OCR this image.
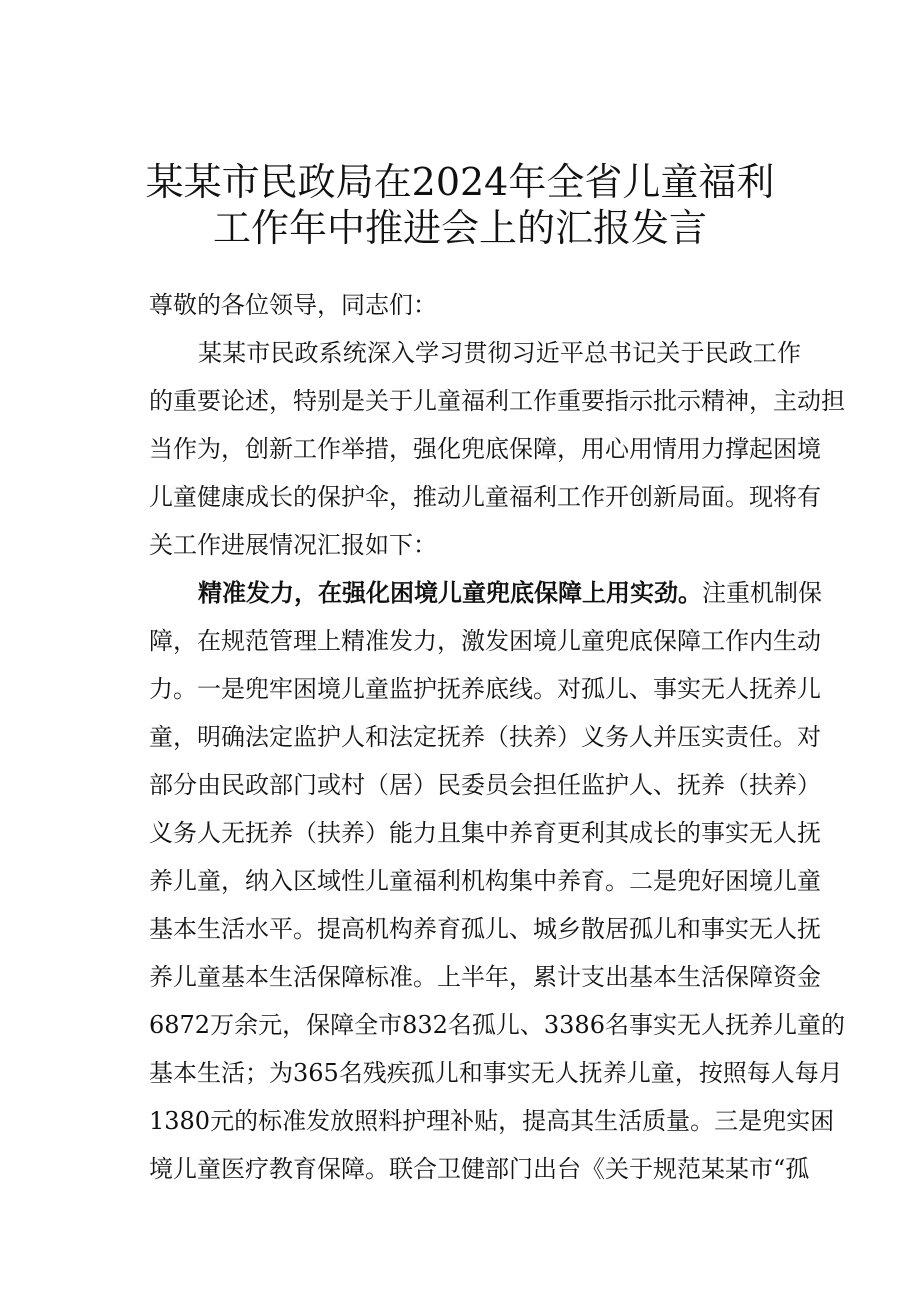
某某市民政局在2024年全省儿童福利
工作年中推进会上的汇报发言

尊敬的各位领导，同志们：

某某市民政系统深入学习贯彻习近平总书记关于民政工作

的重要论述，特别是关于儿童福利工作重要指示批示精神，主动担

当作为，创新工作举措，强化兜底保障，用心用情用力撑起困境

儿童健康成长的保护伞，推动儿童福利工作开创新局面。现将有

关工作进展情况汇报如下：

精准发力，在强化困境儿童兜底保障上用实劲。注重机制保

障，在规范管理上精准发力，激发困境儿童兜底保障工作内生动

力。一是兜牢困境儿童监护抚养底线。对孤儿、事实无人抚养儿

童，明确法定监护人和法定抚养（扶养）义务人并压实责任。对

部分由民政部门或村（居）民委员会担任监护人、抚养（扶养）

义务人无抚养（扶养）能力且集中养育更利其成长的事实无人抚

养儿童，纳入区域性儿童福利机构集中养育。二是兜好困境儿童

基本生活水平。提高机构养育孤儿、城乡散居孤儿和事实无人抚

养儿童基本生活保障标准。上半年，累计支出基本生活保障资金

6872万余元，保障全市832名孤儿、3386名事实无人抚养儿童的

基本生活；为365名残疾孤儿和事实无人抚养儿童，按照每人每月

1380元的标准发放照料护理补贴，提高其生活质量。三是兜实困

境儿童医疗教育保障。联合卫健部门出台《关于规范某某市“孤
